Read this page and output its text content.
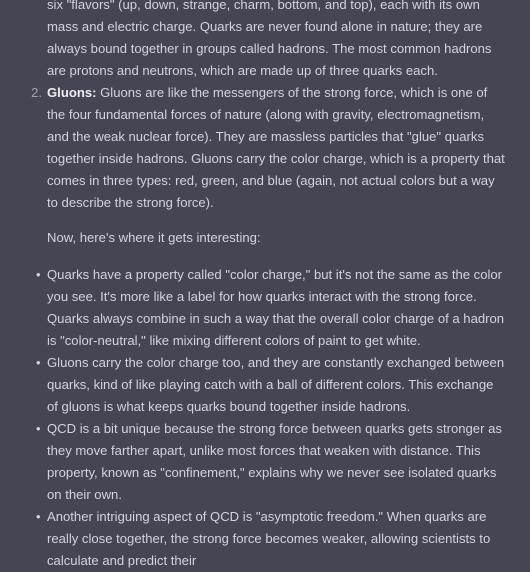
six "flavors" (up, down, strange, charm, bottom, and top), each with its own mass and electric charge. Quarks are never found alone in nature; they are always bound together in groups called hadrons. The most common hadrons are protons and neutrons, which are made up of three quarks each.
2. Gluons: Gluons are like the messengers of the strong force, which is one of the four fundamental forces of nature (along with gravity, electromagnetism, and the weak nuclear force). They are massless particles that "glue" quarks together inside hadrons. Gluons carry the color charge, which is a property that comes in three types: red, green, and blue (again, not actual colors but a way to describe the strong force).
Now, here's where it gets interesting:
• Quarks have a property called "color charge," but it's not the same as the color you see. It's more like a label for how quarks interact with the strong force. Quarks always combine in such a way that the overall color charge of a hadron is "color-neutral," like mixing different colors of paint to get white.
• Gluons carry the color charge too, and they are constantly exchanged between quarks, kind of like playing catch with a ball of different colors. This exchange of gluons is what keeps quarks bound together inside hadrons.
• QCD is a bit unique because the strong force between quarks gets stronger as they move farther apart, unlike most forces that weaken with distance. This property, known as "confinement," explains why we never see isolated quarks on their own.
• Another intriguing aspect of QCD is "asymptotic freedom." When quarks are really close together, the strong force becomes weaker, allowing scientists to calculate and predict their
